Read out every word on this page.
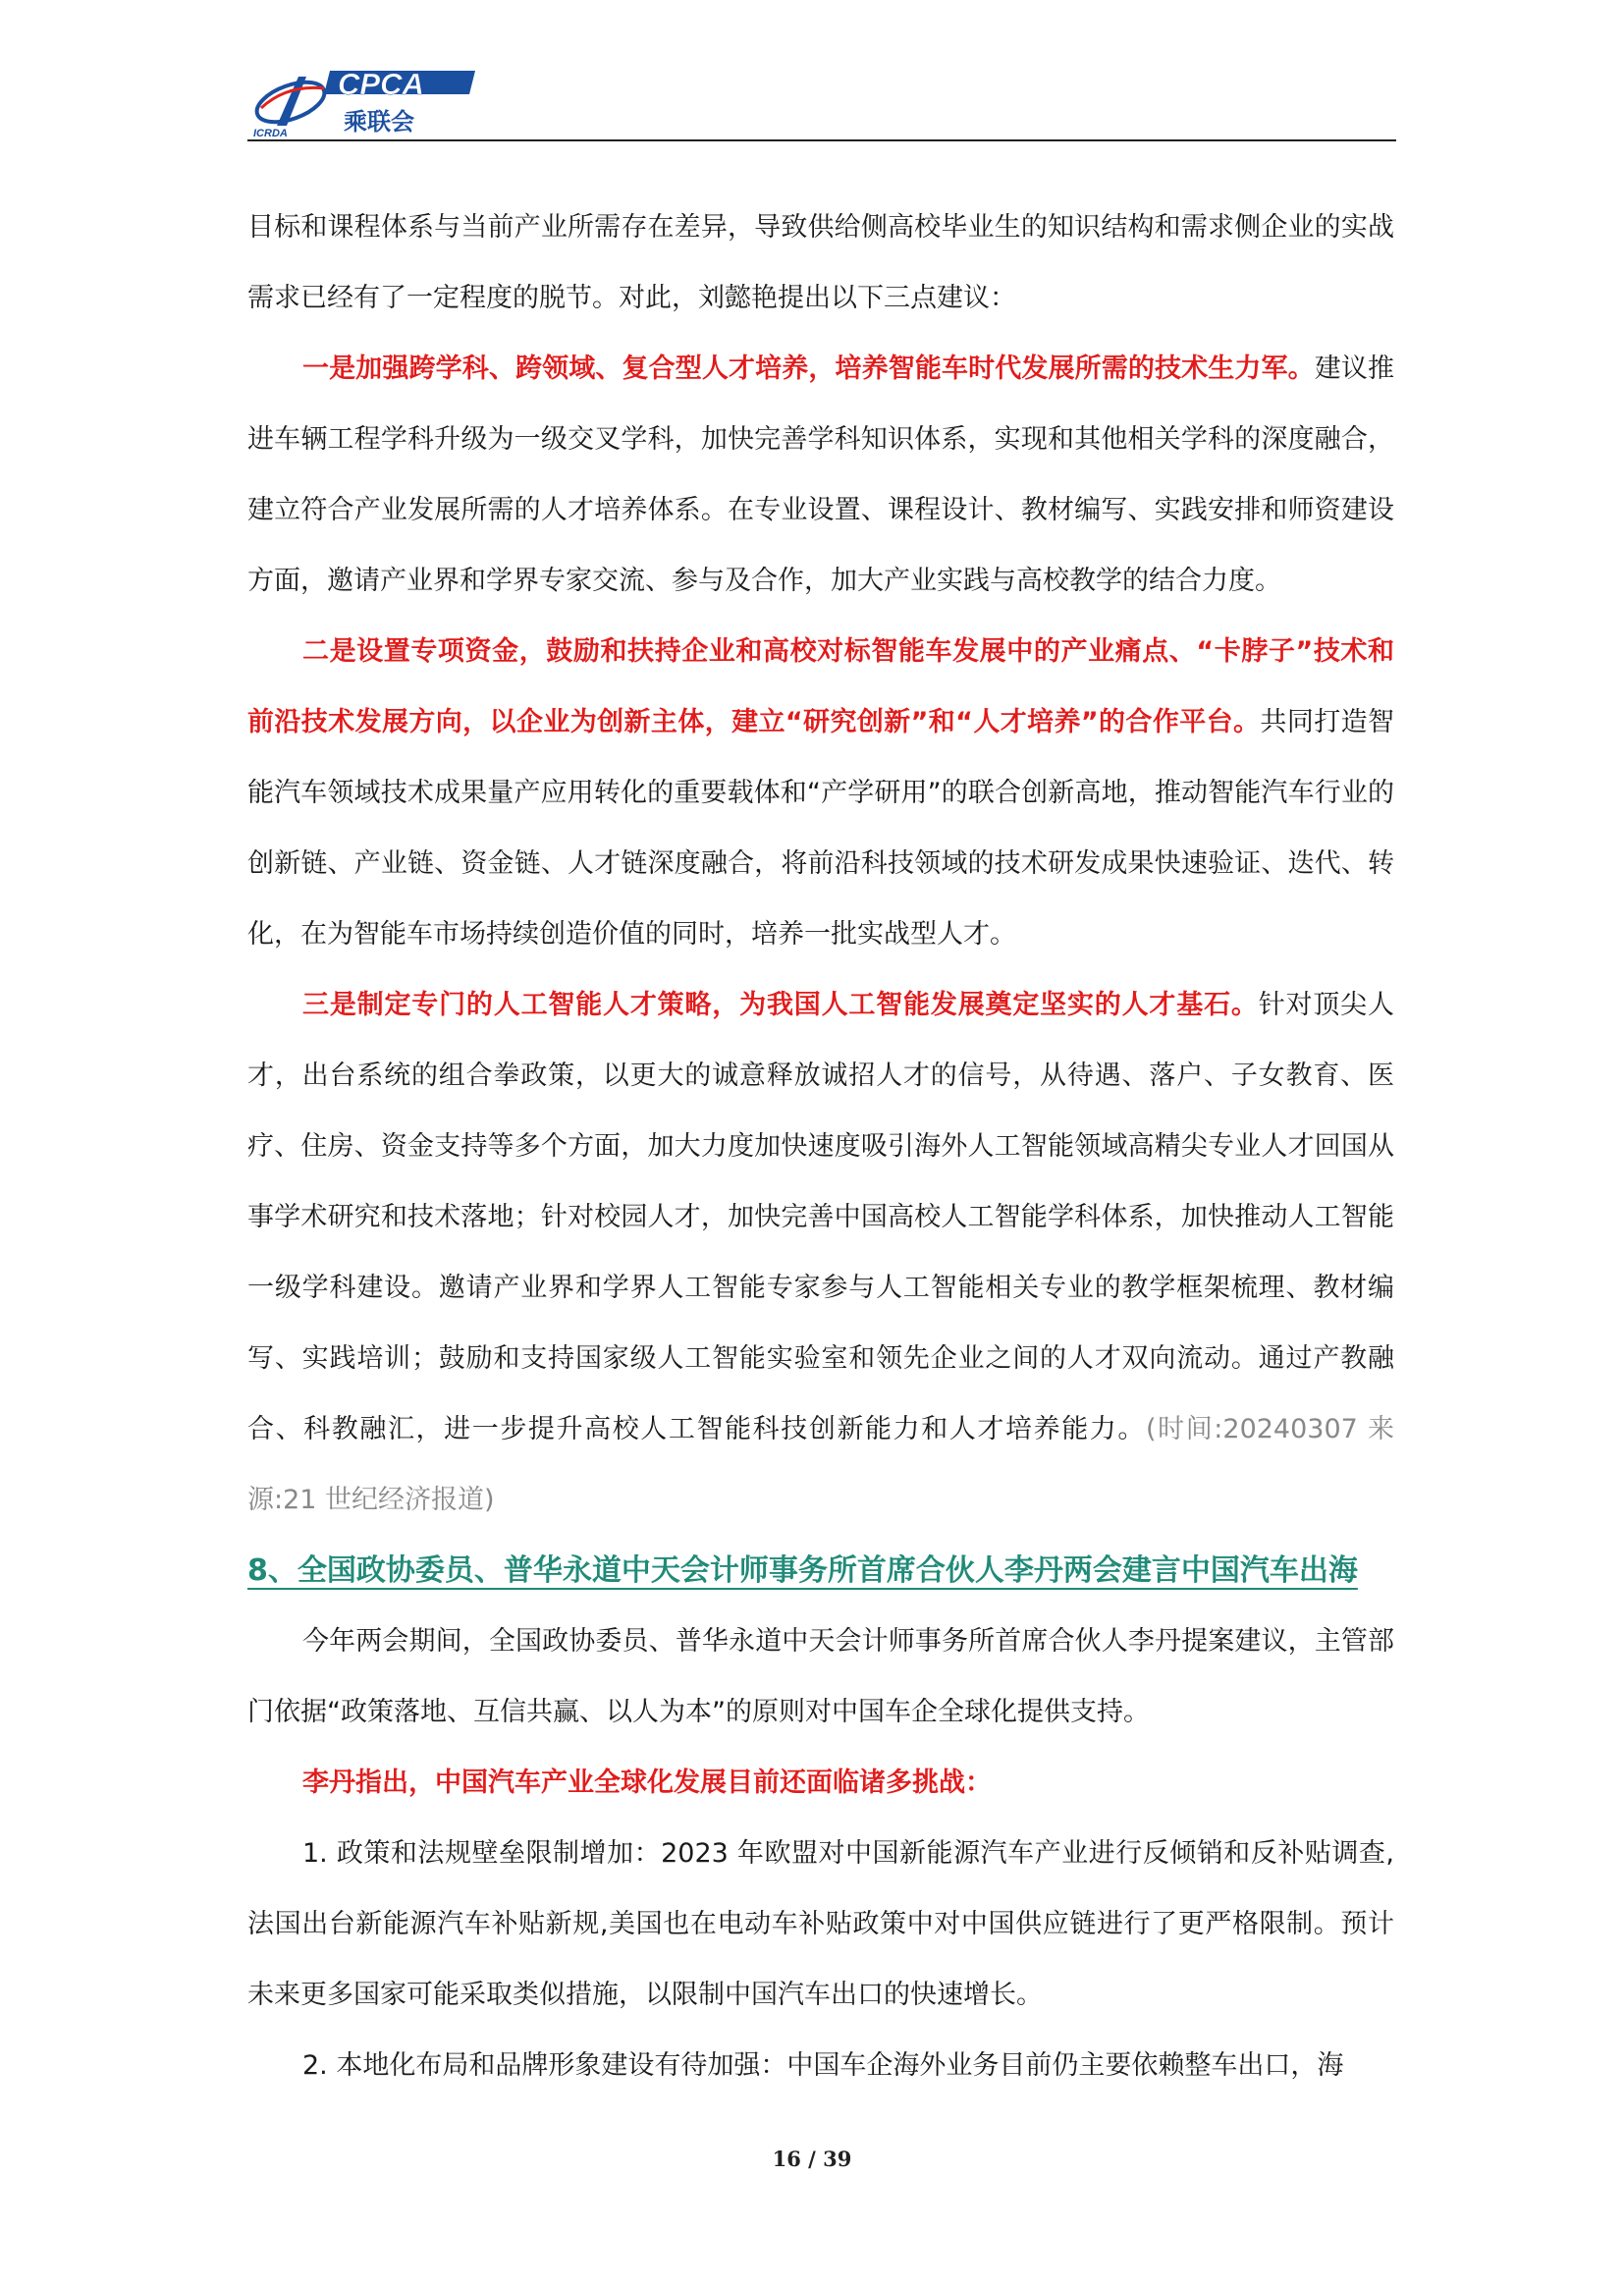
ICRDA
CPCA
乘联会

目标和课程体系与当前产业所需存在差异，导致供给侧高校毕业生的知识结构和需求侧企业的实战需求已经有了一定程度的脱节。对此，刘懿艳提出以下三点建议：

一是加强跨学科、跨领域、复合型人才培养，培养智能车时代发展所需的技术生力军。建议推进车辆工程学科升级为一级交叉学科，加快完善学科知识体系，实现和其他相关学科的深度融合，建立符合产业发展所需的人才培养体系。在专业设置、课程设计、教材编写、实践安排和师资建设方面，邀请产业界和学界专家交流、参与及合作，加大产业实践与高校教学的结合力度。

二是设置专项资金，鼓励和扶持企业和高校对标智能车发展中的产业痛点、“卡脖子”技术和前沿技术发展方向，以企业为创新主体，建立“研究创新”和“人才培养”的合作平台。共同打造智能汽车领域技术成果量产应用转化的重要载体和“产学研用”的联合创新高地，推动智能汽车行业的创新链、产业链、资金链、人才链深度融合，将前沿科技领域的技术研发成果快速验证、迭代、转化，在为智能车市场持续创造价值的同时，培养一批实战型人才。

三是制定专门的人工智能人才策略，为我国人工智能发展奠定坚实的人才基石。针对顶尖人才，出台系统的组合拳政策，以更大的诚意释放诚招人才的信号，从待遇、落户、子女教育、医疗、住房、资金支持等多个方面，加大力度加快速度吸引海外人工智能领域高精尖专业人才回国从事学术研究和技术落地；针对校园人才，加快完善中国高校人工智能学科体系，加快推动人工智能一级学科建设。邀请产业界和学界人工智能专家参与人工智能相关专业的教学框架梳理、教材编写、实践培训；鼓励和支持国家级人工智能实验室和领先企业之间的人才双向流动。通过产教融合、科教融汇，进一步提升高校人工智能科技创新能力和人才培养能力。(时间:20240307 来源:21 世纪经济报道)

8、全国政协委员、普华永道中天会计师事务所首席合伙人李丹两会建言中国汽车出海

今年两会期间，全国政协委员、普华永道中天会计师事务所首席合伙人李丹提案建议，主管部门依据“政策落地、互信共赢、以人为本”的原则对中国车企全球化提供支持。

李丹指出，中国汽车产业全球化发展目前还面临诸多挑战：

1. 政策和法规壁垒限制增加：2023 年欧盟对中国新能源汽车产业进行反倾销和反补贴调查,法国出台新能源汽车补贴新规,美国也在电动车补贴政策中对中国供应链进行了更严格限制。预计未来更多国家可能采取类似措施，以限制中国汽车出口的快速增长。

2. 本地化布局和品牌形象建设有待加强：中国车企海外业务目前仍主要依赖整车出口，海

16 / 39
